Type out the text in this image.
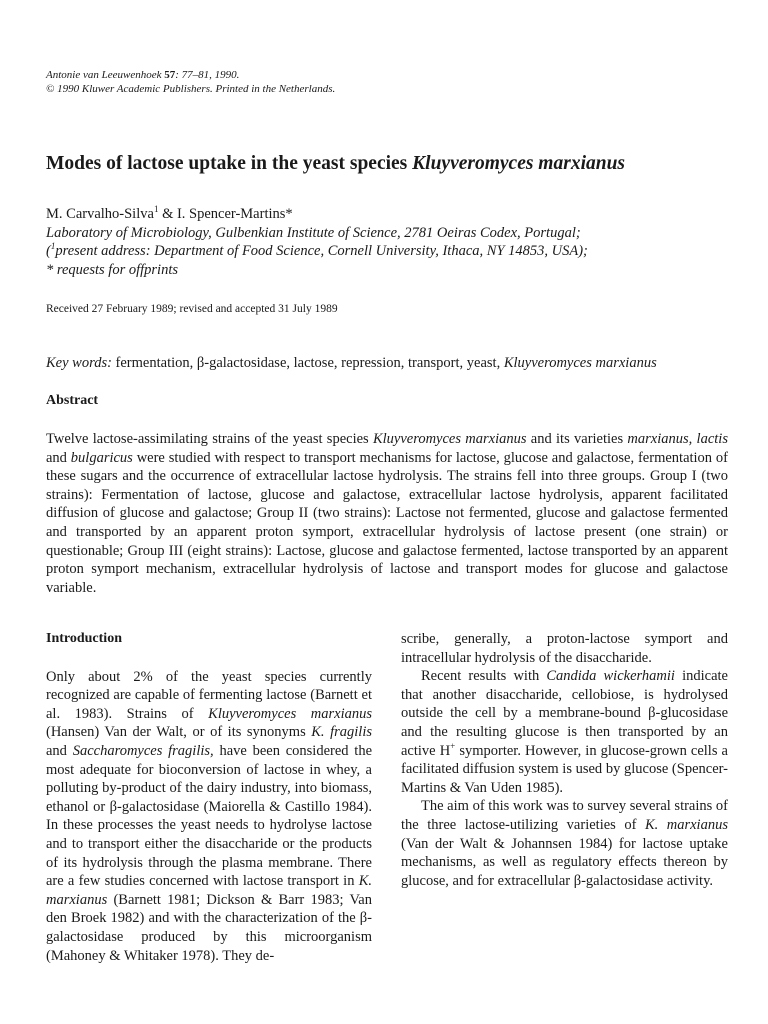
Antonie van Leeuwenhoek 57: 77–81, 1990.
© 1990 Kluwer Academic Publishers. Printed in the Netherlands.
Modes of lactose uptake in the yeast species Kluyveromyces marxianus
M. Carvalho-Silva$^1$ & I. Spencer-Martins*
Laboratory of Microbiology, Gulbenkian Institute of Science, 2781 Oeiras Codex, Portugal;
($^1$present address: Department of Food Science, Cornell University, Ithaca, NY 14853, USA);
* requests for offprints
Received 27 February 1989; revised and accepted 31 July 1989
Key words: fermentation, β-galactosidase, lactose, repression, transport, yeast, Kluyveromyces marxianus
Abstract
Twelve lactose-assimilating strains of the yeast species Kluyveromyces marxianus and its varieties marxianus, lactis and bulgaricus were studied with respect to transport mechanisms for lactose, glucose and galactose, fermentation of these sugars and the occurrence of extracellular lactose hydrolysis. The strains fell into three groups. Group I (two strains): Fermentation of lactose, glucose and galactose, extracellular lactose hydrolysis, apparent facilitated diffusion of glucose and galactose; Group II (two strains): Lactose not fermented, glucose and galactose fermented and transported by an apparent proton symport, extracellular hydrolysis of lactose present (one strain) or questionable; Group III (eight strains): Lactose, glucose and galactose fermented, lactose transported by an apparent proton symport mechanism, extracellular hydrolysis of lactose and transport modes for glucose and galactose variable.
Introduction

Only about 2% of the yeast species currently recognized are capable of fermenting lactose (Barnett et al. 1983). Strains of Kluyveromyces marxianus (Hansen) Van der Walt, or of its synonyms K. fragilis and Saccharomyces fragilis, have been considered the most adequate for bioconversion of lactose in whey, a polluting by-product of the dairy industry, into biomass, ethanol or β-galactosidase (Maiorella & Castillo 1984). In these processes the yeast needs to hydrolyse lactose and to transport either the disaccharide or the products of its hydrolysis through the plasma membrane. There are a few studies concerned with lactose transport in K. marxianus (Barnett 1981; Dickson & Barr 1983; Van den Broek 1982) and with the characterization of the β-galactosidase produced by this microorganism (Mahoney & Whitaker 1978). They de-

scribe, generally, a proton-lactose symport and intracellular hydrolysis of the disaccharide.

Recent results with Candida wickerhamii indicate that another disaccharide, cellobiose, is hydrolysed outside the cell by a membrane-bound β-glucosidase and the resulting glucose is then transported by an active H+ symporter. However, in glucose-grown cells a facilitated diffusion system is used by glucose (Spencer-Martins & Van Uden 1985).

The aim of this work was to survey several strains of the three lactose-utilizing varieties of K. marxianus (Van der Walt & Johannsen 1984) for lactose uptake mechanisms, as well as regulatory effects thereon by glucose, and for extracellular β-galactosidase activity.
